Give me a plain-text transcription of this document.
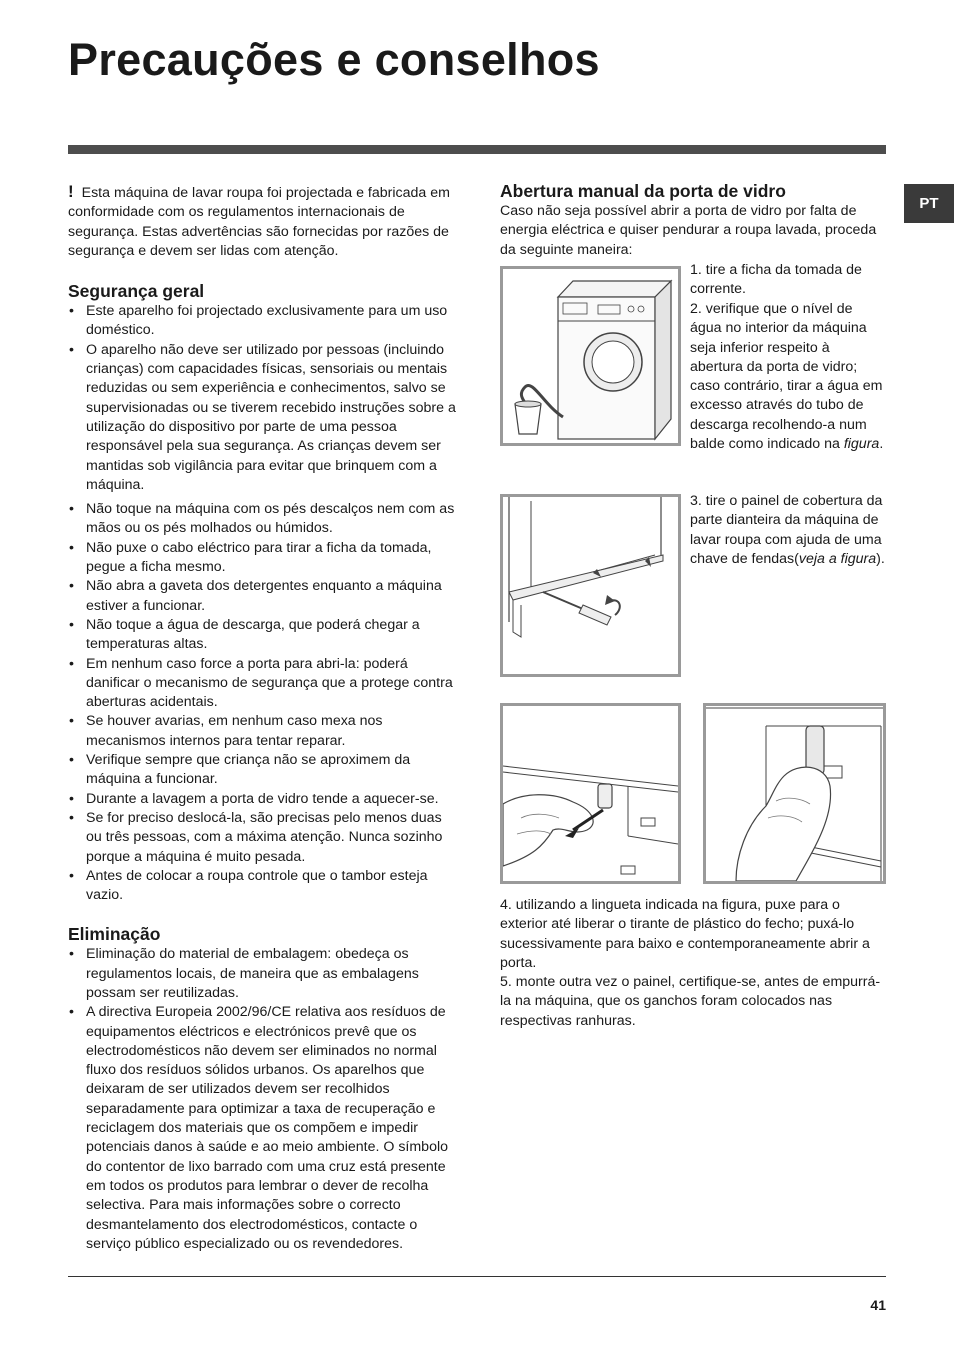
Precauções e conselhos
PT

! Esta máquina de lavar roupa foi projectada e fabricada em conformidade com os regulamentos internacionais de segurança. Estas advertências são fornecidas por razões de segurança e devem ser lidas com atenção.

Segurança geral
• Este aparelho foi projectado exclusivamente para um uso doméstico.
• O aparelho não deve ser utilizado por pessoas (incluindo crianças) com capacidades físicas, sensoriais ou mentais reduzidas ou sem experiência e conhecimentos, salvo se supervisionadas ou se tiverem recebido instruções sobre a utilização do dispositivo por parte de uma pessoa responsável pela sua segurança. As crianças devem ser mantidas sob vigilância para evitar que brinquem com a máquina.
• Não toque na máquina com os pés descalços nem com as mãos ou os pés molhados ou húmidos.
• Não puxe o cabo eléctrico para tirar a ficha da tomada, pegue a ficha mesmo.
• Não abra a gaveta dos detergentes enquanto a máquina estiver a funcionar.
• Não toque a água de descarga, que poderá chegar a temperaturas altas.
• Em nenhum caso force a porta para abri-la: poderá danificar o mecanismo de segurança que a protege contra aberturas acidentais.
• Se houver avarias, em nenhum caso mexa nos mecanismos internos para tentar reparar.
• Verifique sempre que criança não se aproximem da máquina a funcionar.
• Durante a lavagem a porta de vidro tende a aquecer-se.
• Se for preciso deslocá-la, são precisas pelo menos duas ou três pessoas, com a máxima atenção. Nunca sozinho porque a máquina é muito pesada.
• Antes de colocar a roupa controle que o tambor esteja vazio.
Eliminação
• Eliminação do material de embalagem: obedeça os regulamentos locais, de maneira que as embalagens possam ser reutilizadas.
• A directiva Europeia 2002/96/CE relativa aos resíduos de equipamentos eléctricos e electrónicos prevê que os electrodomésticos não devem ser eliminados no normal fluxo dos resíduos sólidos urbanos. Os aparelhos que deixaram de ser utilizados devem ser recolhidos separadamente para optimizar a taxa de recuperação e reciclagem dos materiais que os compõem e impedir potenciais danos à saúde e ao meio ambiente. O símbolo do contentor de lixo barrado com uma cruz está presente em todos os produtos para lembrar o dever de recolha selectiva. Para mais informações sobre o correcto desmantelamento dos electrodomésticos, contacte o serviço público especializado ou os revendedores.
Abertura manual da porta de vidro

Caso não seja possível abrir a porta de vidro por falta de energia eléctrica e quiser pendurar a roupa lavada, proceda da seguinte maneira:

1. tire a ficha da tomada de corrente.
2. verifique que o nível de água no interior da máquina seja inferior respeito à abertura da porta de vidro; caso contrário, tirar a água em excesso através do tubo de descarga recolhendo-a num balde como indicado na figura.
3. tire o painel de cobertura da parte dianteira da máquina de lavar roupa com ajuda de uma chave de fendas(veja a figura).
4. utilizando a lingueta indicada na figura, puxe para o exterior até liberar o tirante de plástico do fecho; puxá-lo sucessivamente para baixo e contemporaneamente abrir a porta.
5. monte outra vez o painel, certifique-se, antes de empurrá-la na máquina, que os ganchos foram colocados nas respectivas ranhuras.
41
